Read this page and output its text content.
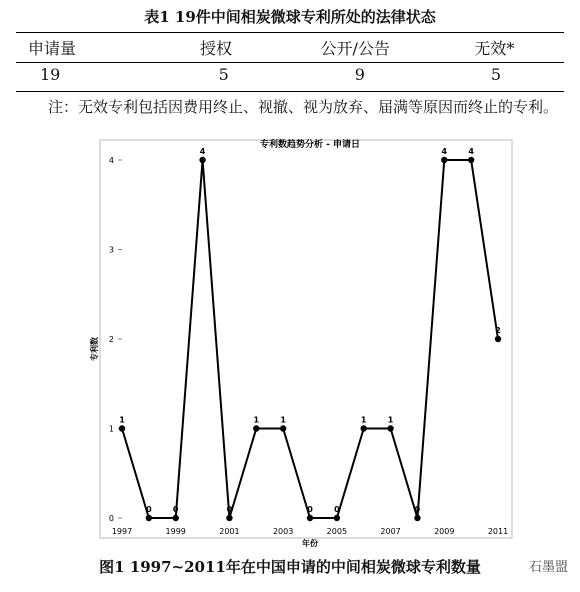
表1 19件中间相炭微球专利所处的法律状态
申请量	授权	公开/公告	无效*
19	5	9	5
注：无效专利包括因费用终止、视撤、视为放弃、届满等原因而终止的专利。
专利数趋势分析 - 申请日
0
1
2
3
4
1997	1999	2001	2003	2005	2007	2009	2011
年份
专利数
1
0	0
4
0
1	1
0	0
1	1
0
4	4
2
图1 1997~2011年在中国申请的中间相炭微球专利数量	石墨盟
